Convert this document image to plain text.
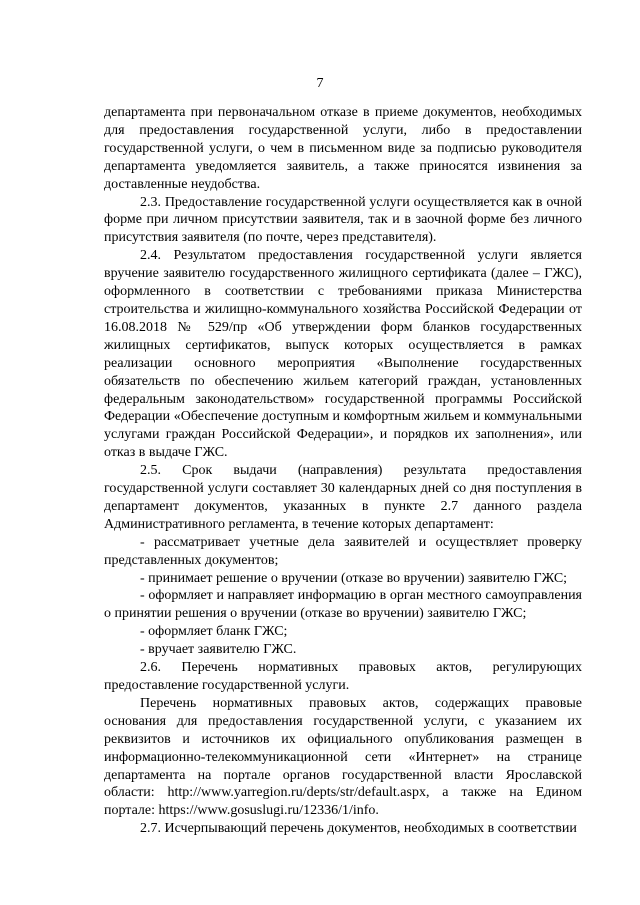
7

департамента при первоначальном отказе в приеме документов, необходимых для предоставления государственной услуги, либо в предоставлении государственной услуги, о чем в письменном виде за подписью руководителя департамента уведомляется заявитель, а также приносятся извинения за доставленные неудобства.

2.3. Предоставление государственной услуги осуществляется как в очной форме при личном присутствии заявителя, так и в заочной форме без личного присутствия заявителя (по почте, через представителя).

2.4. Результатом предоставления государственной услуги является вручение заявителю государственного жилищного сертификата (далее – ГЖС), оформленного в соответствии с требованиями приказа Министерства строительства и жилищно-коммунального хозяйства Российской Федерации от 16.08.2018 № 529/пр «Об утверждении форм бланков государственных жилищных сертификатов, выпуск которых осуществляется в рамках реализации основного мероприятия «Выполнение государственных обязательств по обеспечению жильем категорий граждан, установленных федеральным законодательством» государственной программы Российской Федерации «Обеспечение доступным и комфортным жильем и коммунальными услугами граждан Российской Федерации», и порядков их заполнения», или отказ в выдаче ГЖС.

2.5. Срок выдачи (направления) результата предоставления государственной услуги составляет 30 календарных дней со дня поступления в департамент документов, указанных в пункте 2.7 данного раздела Административного регламента, в течение которых департамент:

- рассматривает учетные дела заявителей и осуществляет проверку представленных документов;

- принимает решение о вручении (отказе во вручении) заявителю ГЖС;

- оформляет и направляет информацию в орган местного самоуправления о принятии решения о вручении (отказе во вручении) заявителю ГЖС;

- оформляет бланк ГЖС;

- вручает заявителю ГЖС.

2.6. Перечень нормативных правовых актов, регулирующих предоставление государственной услуги.

Перечень нормативных правовых актов, содержащих правовые основания для предоставления государственной услуги, с указанием их реквизитов и источников их официального опубликования размещен в информационно-телекоммуникационной сети «Интернет» на странице департамента на портале органов государственной власти Ярославской области: http://www.yarregion.ru/depts/str/default.aspx, а также на Едином портале: https://www.gosuslugi.ru/12336/1/info.

2.7. Исчерпывающий перечень документов, необходимых в соответствии
